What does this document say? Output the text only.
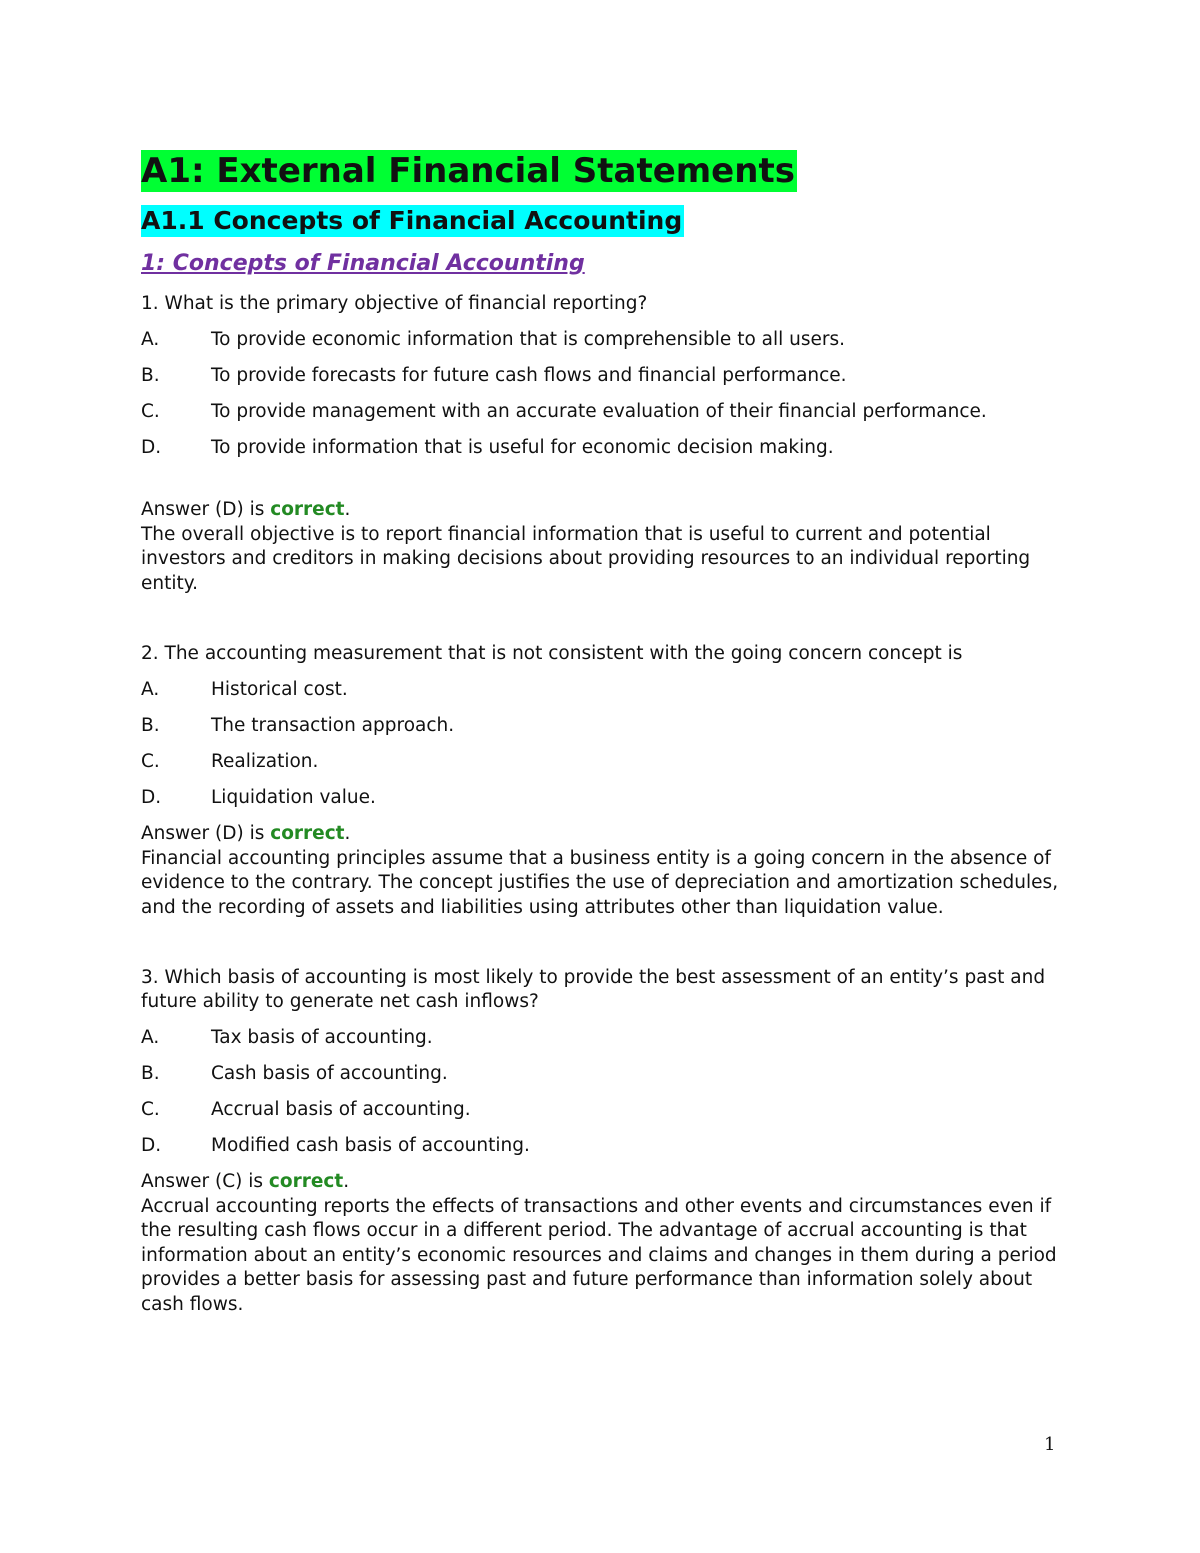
A1: External Financial Statements
A1.1 Concepts of Financial Accounting
1: Concepts of Financial Accounting
1. What is the primary objective of financial reporting?
A.	To provide economic information that is comprehensible to all users.
B.	To provide forecasts for future cash flows and financial performance.
C.	To provide management with an accurate evaluation of their financial performance.
D.	To provide information that is useful for economic decision making.
Answer (D) is correct.
The overall objective is to report financial information that is useful to current and potential investors and creditors in making decisions about providing resources to an individual reporting entity.
2. The accounting measurement that is not consistent with the going concern concept is
A.	Historical cost.
B.	The transaction approach.
C.	Realization.
D.	Liquidation value.
Answer (D) is correct.
Financial accounting principles assume that a business entity is a going concern in the absence of evidence to the contrary. The concept justifies the use of depreciation and amortization schedules, and the recording of assets and liabilities using attributes other than liquidation value.
3. Which basis of accounting is most likely to provide the best assessment of an entity’s past and future ability to generate net cash inflows?
A.	Tax basis of accounting.
B.	Cash basis of accounting.
C.	Accrual basis of accounting.
D.	Modified cash basis of accounting.
Answer (C) is correct.
Accrual accounting reports the effects of transactions and other events and circumstances even if the resulting cash flows occur in a different period. The advantage of accrual accounting is that information about an entity’s economic resources and claims and changes in them during a period provides a better basis for assessing past and future performance than information solely about cash flows.
1
